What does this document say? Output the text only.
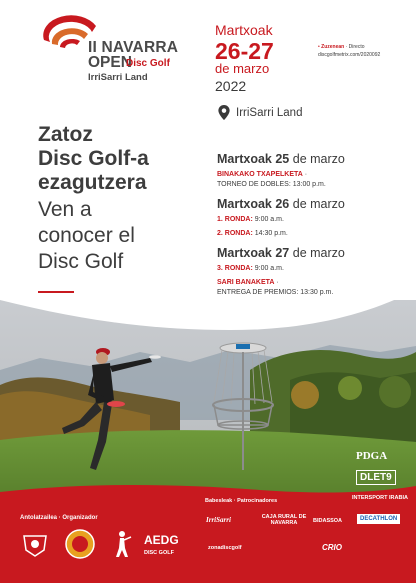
II NAVARRA
OPEN
Disc Golf
IrriSarri Land
Martxoak
26-27
de marzo
2022
• Zuzenean · Directo
discgolfmetrix.com/2020092
IrriSarri Land
Zatoz
Disc Golf-a
ezagutzera
Ven a
conocer el
Disc Golf
Martxoak 25 de marzo
BINAKAKO TXAPELKETA ·
TORNEO DE DOBLES: 13:00 p.m.
Martxoak 26 de marzo
1. RONDA: 9:00 a.m.
2. RONDA: 14:30 p.m.
Martxoak 27 de marzo
3. RONDA: 9:00 a.m.
SARI BANAKETA ·
ENTREGA DE PREMIOS: 13:30 p.m.
Antolatzailea · Organizador
Babesleak · Patrocinadores
PDGA
DLET9
INTERSPORT IRABIA
BIDASSOA	DECATHLON
CAJA RURAL DE NAVARRA
IrriSarri
zonadiscgolf	CRIO
AEDG
DISC GOLF
